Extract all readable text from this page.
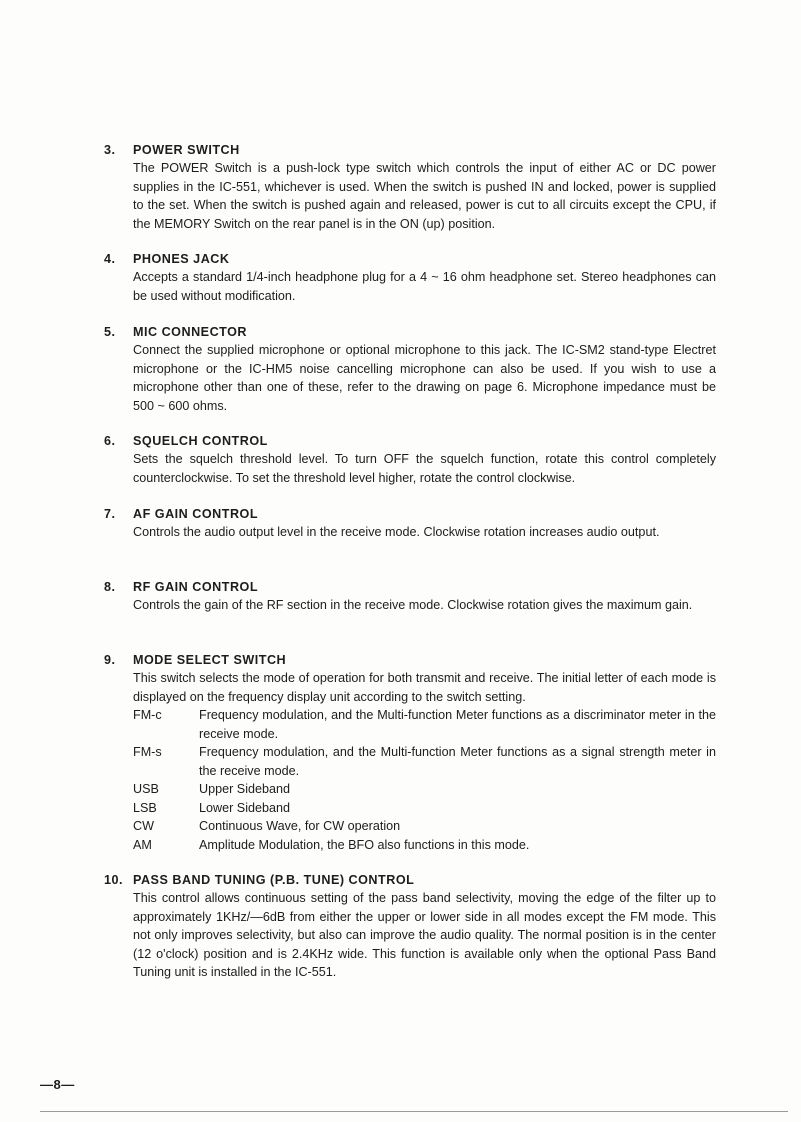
3.	POWER SWITCH

The POWER Switch is a push-lock type switch which controls the input of either AC or DC power supplies in the IC-551, whichever is used. When the switch is pushed IN and locked, power is supplied to the set. When the switch is pushed again and released, power is cut to all circuits except the CPU, if the MEMORY Switch on the rear panel is in the ON (up) position.

4.	PHONES JACK

Accepts a standard 1/4-inch headphone plug for a 4 ~ 16 ohm headphone set. Stereo headphones can be used without modification.

5.	MIC CONNECTOR

Connect the supplied microphone or optional microphone to this jack. The IC-SM2 stand-type Electret microphone or the IC-HM5 noise cancelling microphone can also be used. If you wish to use a microphone other than one of these, refer to the drawing on page 6. Microphone impedance must be 500 ~ 600 ohms.

6.	SQUELCH CONTROL

Sets the squelch threshold level. To turn OFF the squelch function, rotate this control completely counterclockwise. To set the threshold level higher, rotate the control clockwise.

7.	AF GAIN CONTROL

Controls the audio output level in the receive mode. Clockwise rotation increases audio output.

8.	RF GAIN CONTROL

Controls the gain of the RF section in the receive mode. Clockwise rotation gives the maximum gain.

9.	MODE SELECT SWITCH

This switch selects the mode of operation for both transmit and receive. The initial letter of each mode is displayed on the frequency display unit according to the switch setting.

FM-c	Frequency modulation, and the Multi-function Meter functions as a discriminator meter in the receive mode.
FM-s	Frequency modulation, and the Multi-function Meter functions as a signal strength meter in the receive mode.
USB	Upper Sideband
LSB	Lower Sideband
CW	Continuous Wave, for CW operation
AM	Amplitude Modulation, the BFO also functions in this mode.
10. PASS BAND TUNING (P.B. TUNE) CONTROL

This control allows continuous setting of the pass band selectivity, moving the edge of the filter up to approximately 1KHz/—6dB from either the upper or lower side in all modes except the FM mode. This not only improves selectivity, but also can improve the audio quality. The normal position is in the center (12 o'clock) position and is 2.4KHz wide. This function is available only when the optional Pass Band Tuning unit is installed in the IC-551.

—8—
